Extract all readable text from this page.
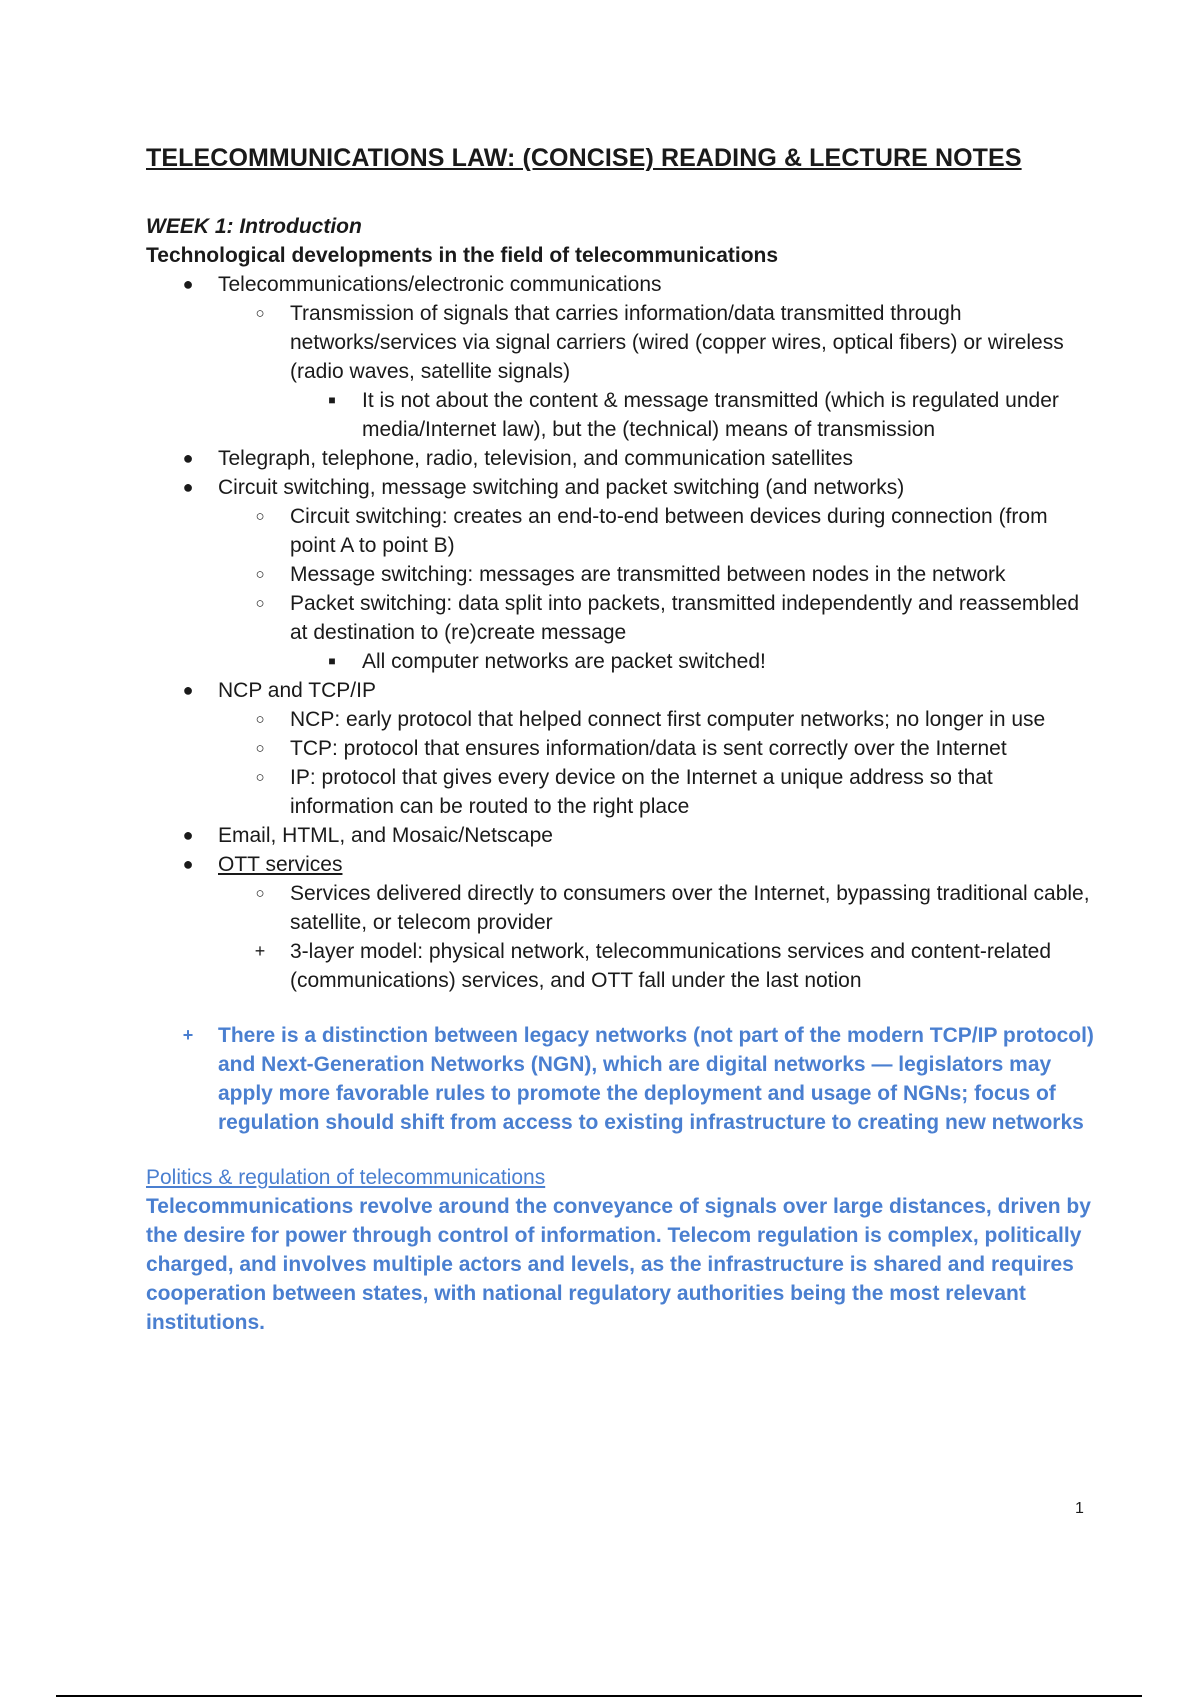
TELECOMMUNICATIONS LAW: (CONCISE) READING & LECTURE NOTES

WEEK 1: Introduction

Technological developments in the field of telecommunications

● Telecommunications/electronic communications
○ Transmission of signals that carries information/data transmitted through networks/services via signal carriers (wired (copper wires, optical fibers) or wireless (radio waves, satellite signals)
■	It is not about the content & message transmitted (which is regulated under media/Internet law), but the (technical) means of transmission
● Telegraph, telephone, radio, television, and communication satellites
● Circuit switching, message switching and packet switching (and networks)
○ Circuit switching: creates an end-to-end between devices during connection (from point A to point B)
○ Message switching: messages are transmitted between nodes in the network
○ Packet switching: data split into packets, transmitted independently and reassembled at destination to (re)create message
■	All computer networks are packet switched!
● NCP and TCP/IP
○ NCP: early protocol that helped connect first computer networks; no longer in use
○ TCP: protocol that ensures information/data is sent correctly over the Internet
○ IP: protocol that gives every device on the Internet a unique address so that information can be routed to the right place
● Email, HTML, and Mosaic/Netscape
● OTT services
○ Services delivered directly to consumers over the Internet, bypassing traditional cable, satellite, or telecom provider
+ 3-layer model: physical network, telecommunications services and content-related (communications) services, and OTT fall under the last notion
+ There is a distinction between legacy networks (not part of the modern TCP/IP protocol) and Next-Generation Networks (NGN), which are digital networks — legislators may apply more favorable rules to promote the deployment and usage of NGNs; focus of regulation should shift from access to existing infrastructure to creating new networks

Politics & regulation of telecommunications

Telecommunications revolve around the conveyance of signals over large distances, driven by the desire for power through control of information. Telecom regulation is complex, politically charged, and involves multiple actors and levels, as the infrastructure is shared and requires cooperation between states, with national regulatory authorities being the most relevant institutions.

1
